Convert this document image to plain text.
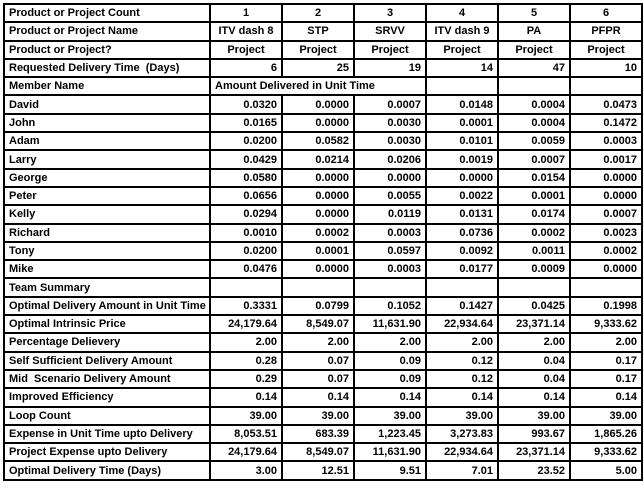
Product or Project Count	1	2	3	4	5	6
Product or Project Name	ITV dash 8	STP	SRVV	ITV dash 9	PA	PFPR
Product or Project?	Project	Project	Project	Project	Project	Project
Requested Delivery Time  (Days)	6	25	19	14	47	10
Member Name	Amount Delivered in Unit Time					
David	0.0320	0.0000	0.0007	0.0148	0.0004	0.0473
John	0.0165	0.0000	0.0030	0.0001	0.0004	0.1472
Adam	0.0200	0.0582	0.0030	0.0101	0.0059	0.0003
Larry	0.0429	0.0214	0.0206	0.0019	0.0007	0.0017
George	0.0580	0.0000	0.0000	0.0000	0.0154	0.0000
Peter	0.0656	0.0000	0.0055	0.0022	0.0001	0.0000
Kelly	0.0294	0.0000	0.0119	0.0131	0.0174	0.0007
Richard	0.0010	0.0002	0.0003	0.0736	0.0002	0.0023
Tony	0.0200	0.0001	0.0597	0.0092	0.0011	0.0002
Mike	0.0476	0.0000	0.0003	0.0177	0.0009	0.0000
Team Summary						
Optimal Delivery Amount in Unit Time	0.3331	0.0799	0.1052	0.1427	0.0425	0.1998
Optimal Intrinsic Price	24,179.64	8,549.07	11,631.90	22,934.64	23,371.14	9,333.62
Percentage Delievery	2.00	2.00	2.00	2.00	2.00	2.00
Self Sufficient Delivery Amount	0.28	0.07	0.09	0.12	0.04	0.17
Mid  Scenario Delivery Amount	0.29	0.07	0.09	0.12	0.04	0.17
Improved Efficiency	0.14	0.14	0.14	0.14	0.14	0.14
Loop Count	39.00	39.00	39.00	39.00	39.00	39.00
Expense in Unit Time upto Delivery	8,053.51	683.39	1,223.45	3,273.83	993.67	1,865.26
Project Expense upto Delivery	24,179.64	8,549.07	11,631.90	22,934.64	23,371.14	9,333.62
Optimal Delivery Time (Days)	3.00	12.51	9.51	7.01	23.52	5.00
